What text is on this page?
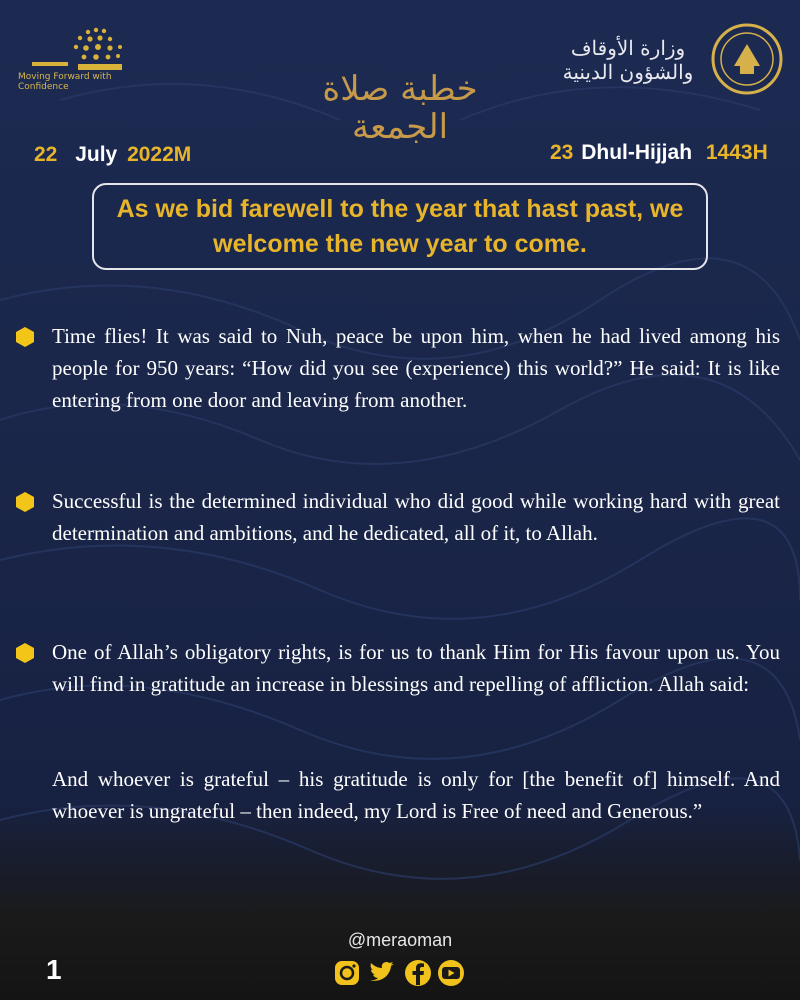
Moving Forward with Confidence
وزارة الأوقاف والشؤون الدينية
خطبة صلاة الجمعة
22 July 2022M	23 Dhul-Hijjah 1443H
As we bid farewell to the year that hast past, we welcome the new year to come.
Time flies! It was said to Nuh, peace be upon him, when he had lived among his people for 950 years: “How did you see (experience) this world?” He said: It is like entering from one door and leaving from another.
Successful is the determined individual who did good while working hard with great determination and ambitions, and he dedicated, all of it, to Allah.
One of Allah’s obligatory rights, is for us to thank Him for His favour upon us. You will find in gratitude an increase in blessings and repelling of affliction. Allah said:
And whoever is grateful – his gratitude is only for [the benefit of] himself. And whoever is ungrateful – then indeed, my Lord is Free of need and Generous.”
@meraoman
1
